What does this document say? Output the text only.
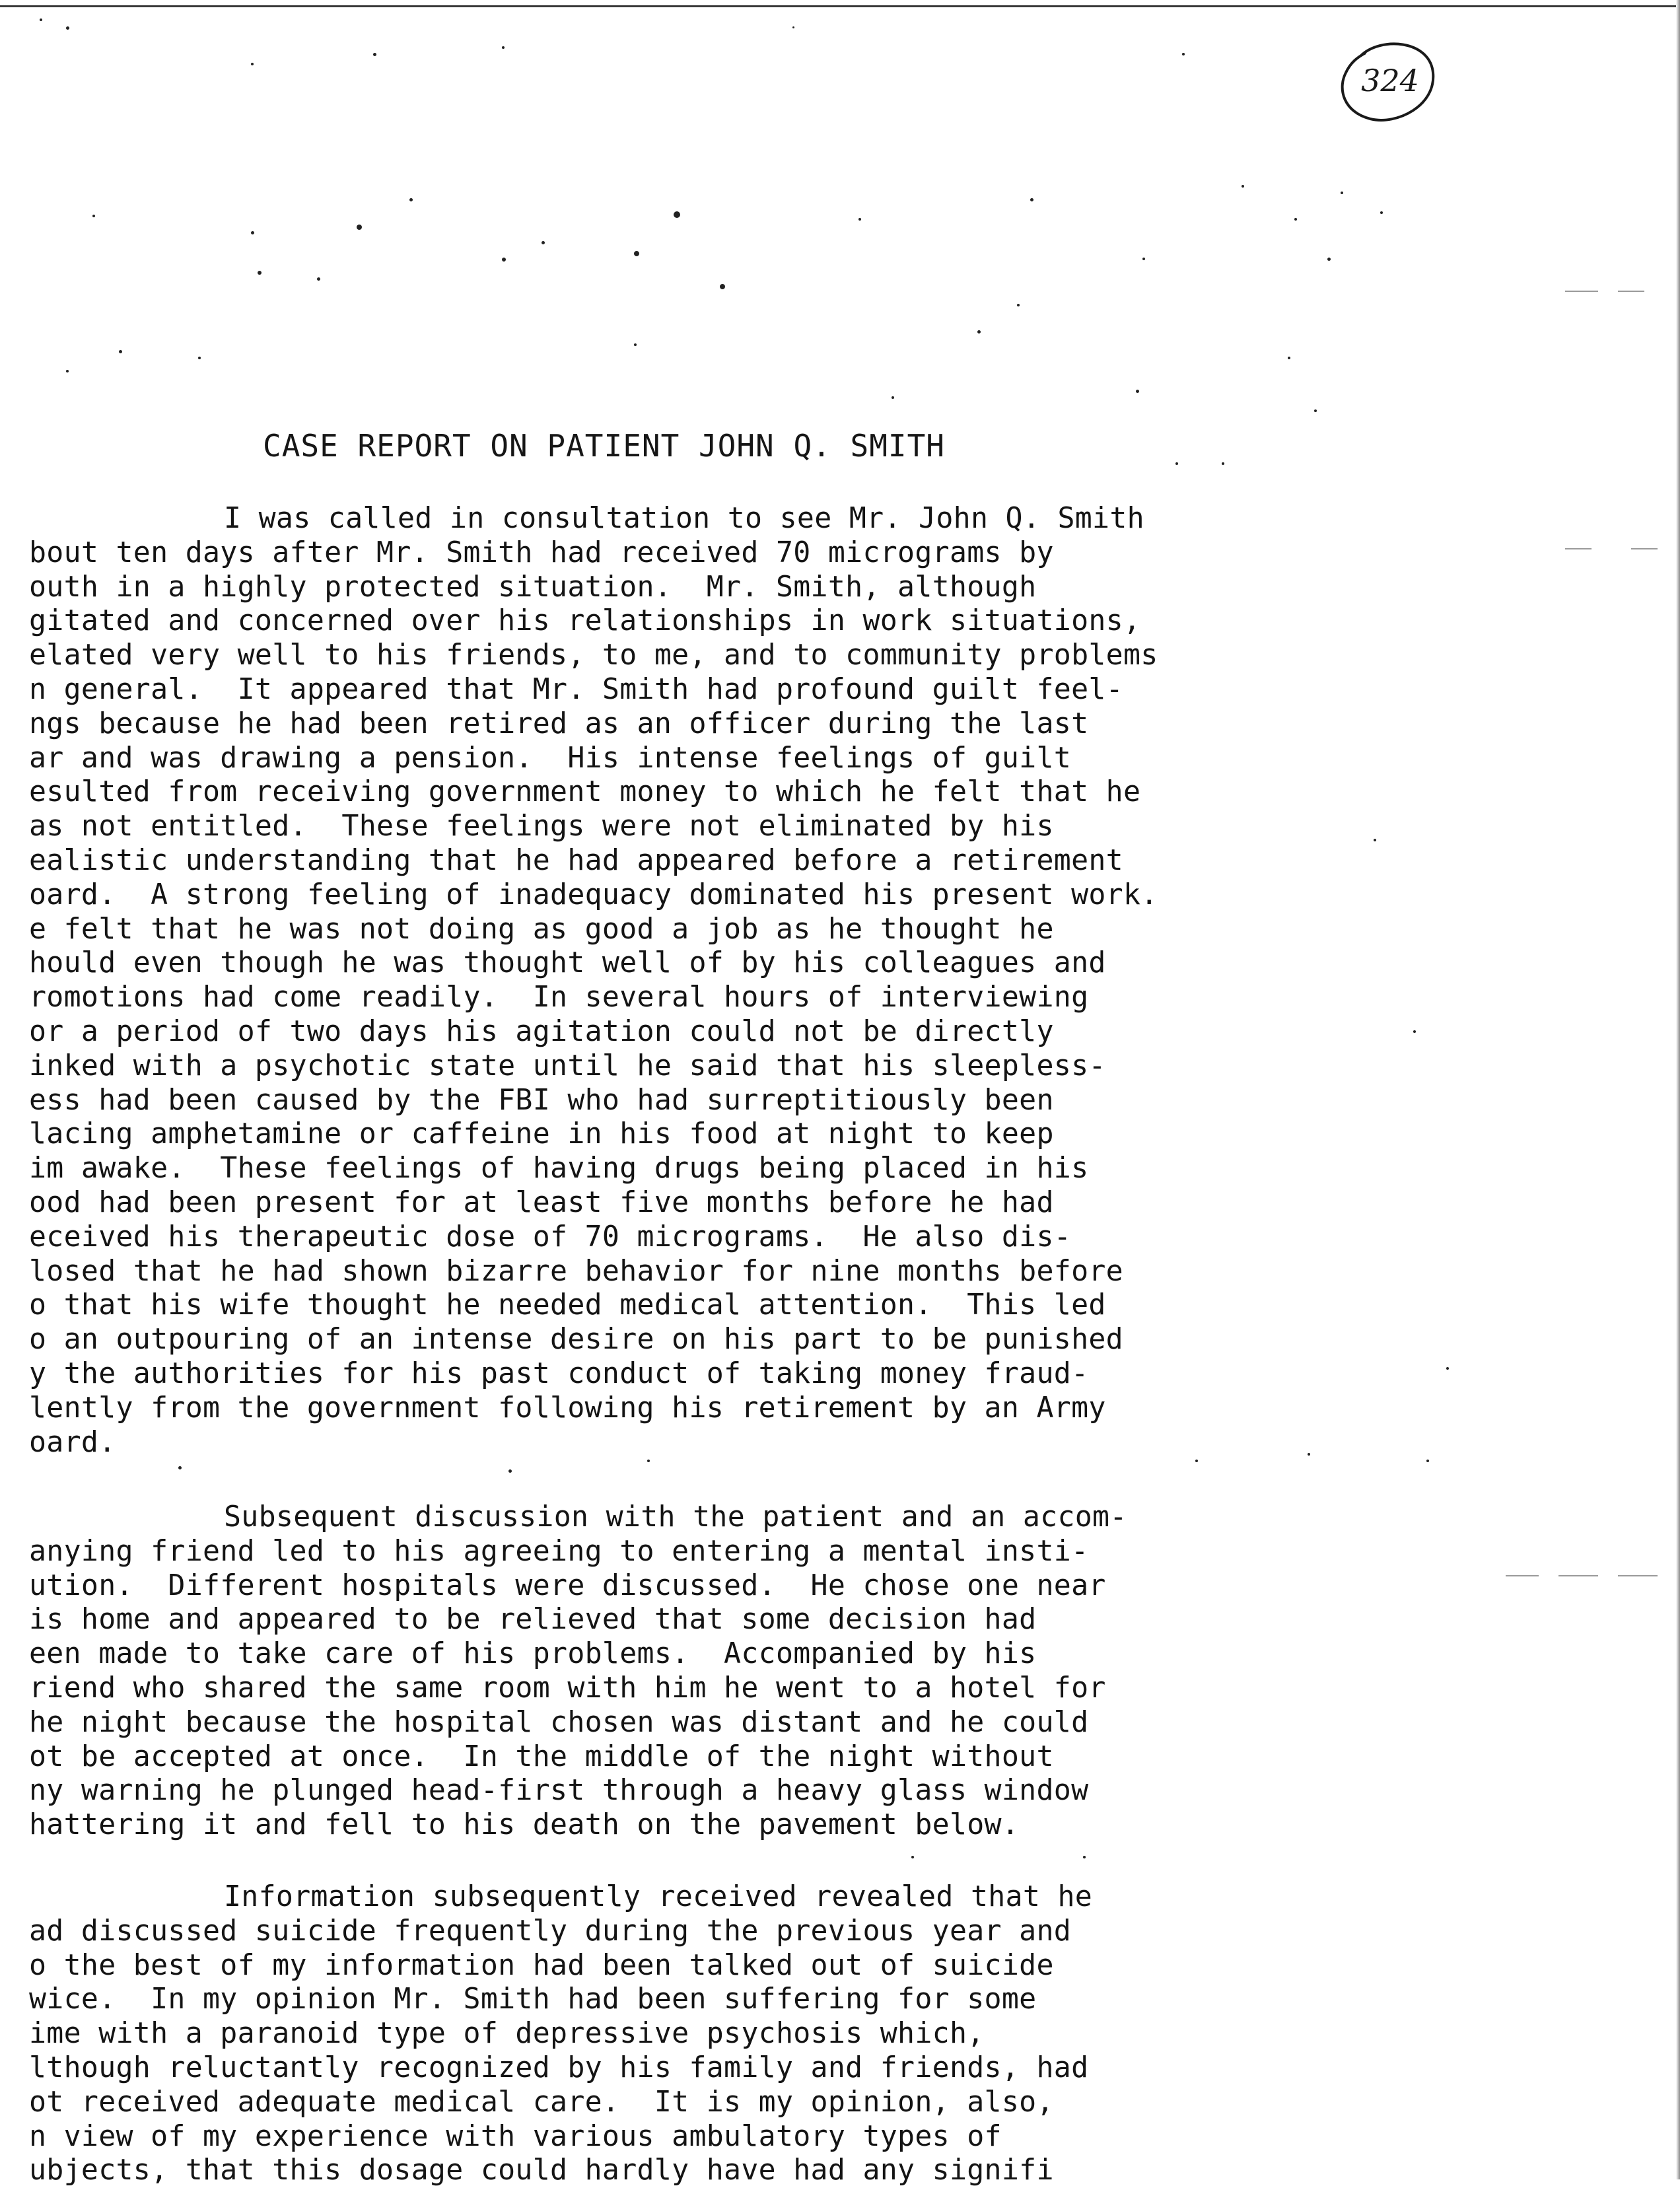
324
CASE REPORT ON PATIENT JOHN Q. SMITH
I was called in consultation to see Mr. John Q. Smith
bout ten days after Mr. Smith had received 70 micrograms by
outh in a highly protected situation.  Mr. Smith, although
gitated and concerned over his relationships in work situations,
elated very well to his friends, to me, and to community problems
n general.  It appeared that Mr. Smith had profound guilt feel-
ngs because he had been retired as an officer during the last
ar and was drawing a pension.  His intense feelings of guilt
esulted from receiving government money to which he felt that he
as not entitled.  These feelings were not eliminated by his
ealistic understanding that he had appeared before a retirement
oard.  A strong feeling of inadequacy dominated his present work.
e felt that he was not doing as good a job as he thought he
hould even though he was thought well of by his colleagues and
romotions had come readily.  In several hours of interviewing
or a period of two days his agitation could not be directly
inked with a psychotic state until he said that his sleepless-
ess had been caused by the FBI who had surreptitiously been
lacing amphetamine or caffeine in his food at night to keep
im awake.  These feelings of having drugs being placed in his
ood had been present for at least five months before he had
eceived his therapeutic dose of 70 micrograms.  He also dis-
losed that he had shown bizarre behavior for nine months before
o that his wife thought he needed medical attention.  This led
o an outpouring of an intense desire on his part to be punished
y the authorities for his past conduct of taking money fraud-
lently from the government following his retirement by an Army
oard.
Subsequent discussion with the patient and an accom-
anying friend led to his agreeing to entering a mental insti-
ution.  Different hospitals were discussed.  He chose one near
is home and appeared to be relieved that some decision had
een made to take care of his problems.  Accompanied by his
riend who shared the same room with him he went to a hotel for
he night because the hospital chosen was distant and he could
ot be accepted at once.  In the middle of the night without
ny warning he plunged head-first through a heavy glass window
hattering it and fell to his death on the pavement below.
Information subsequently received revealed that he
ad discussed suicide frequently during the previous year and
o the best of my information had been talked out of suicide
wice.  In my opinion Mr. Smith had been suffering for some
ime with a paranoid type of depressive psychosis which,
lthough reluctantly recognized by his family and friends, had
ot received adequate medical care.  It is my opinion, also,
n view of my experience with various ambulatory types of
ubjects, that this dosage could hardly have had any signifi
